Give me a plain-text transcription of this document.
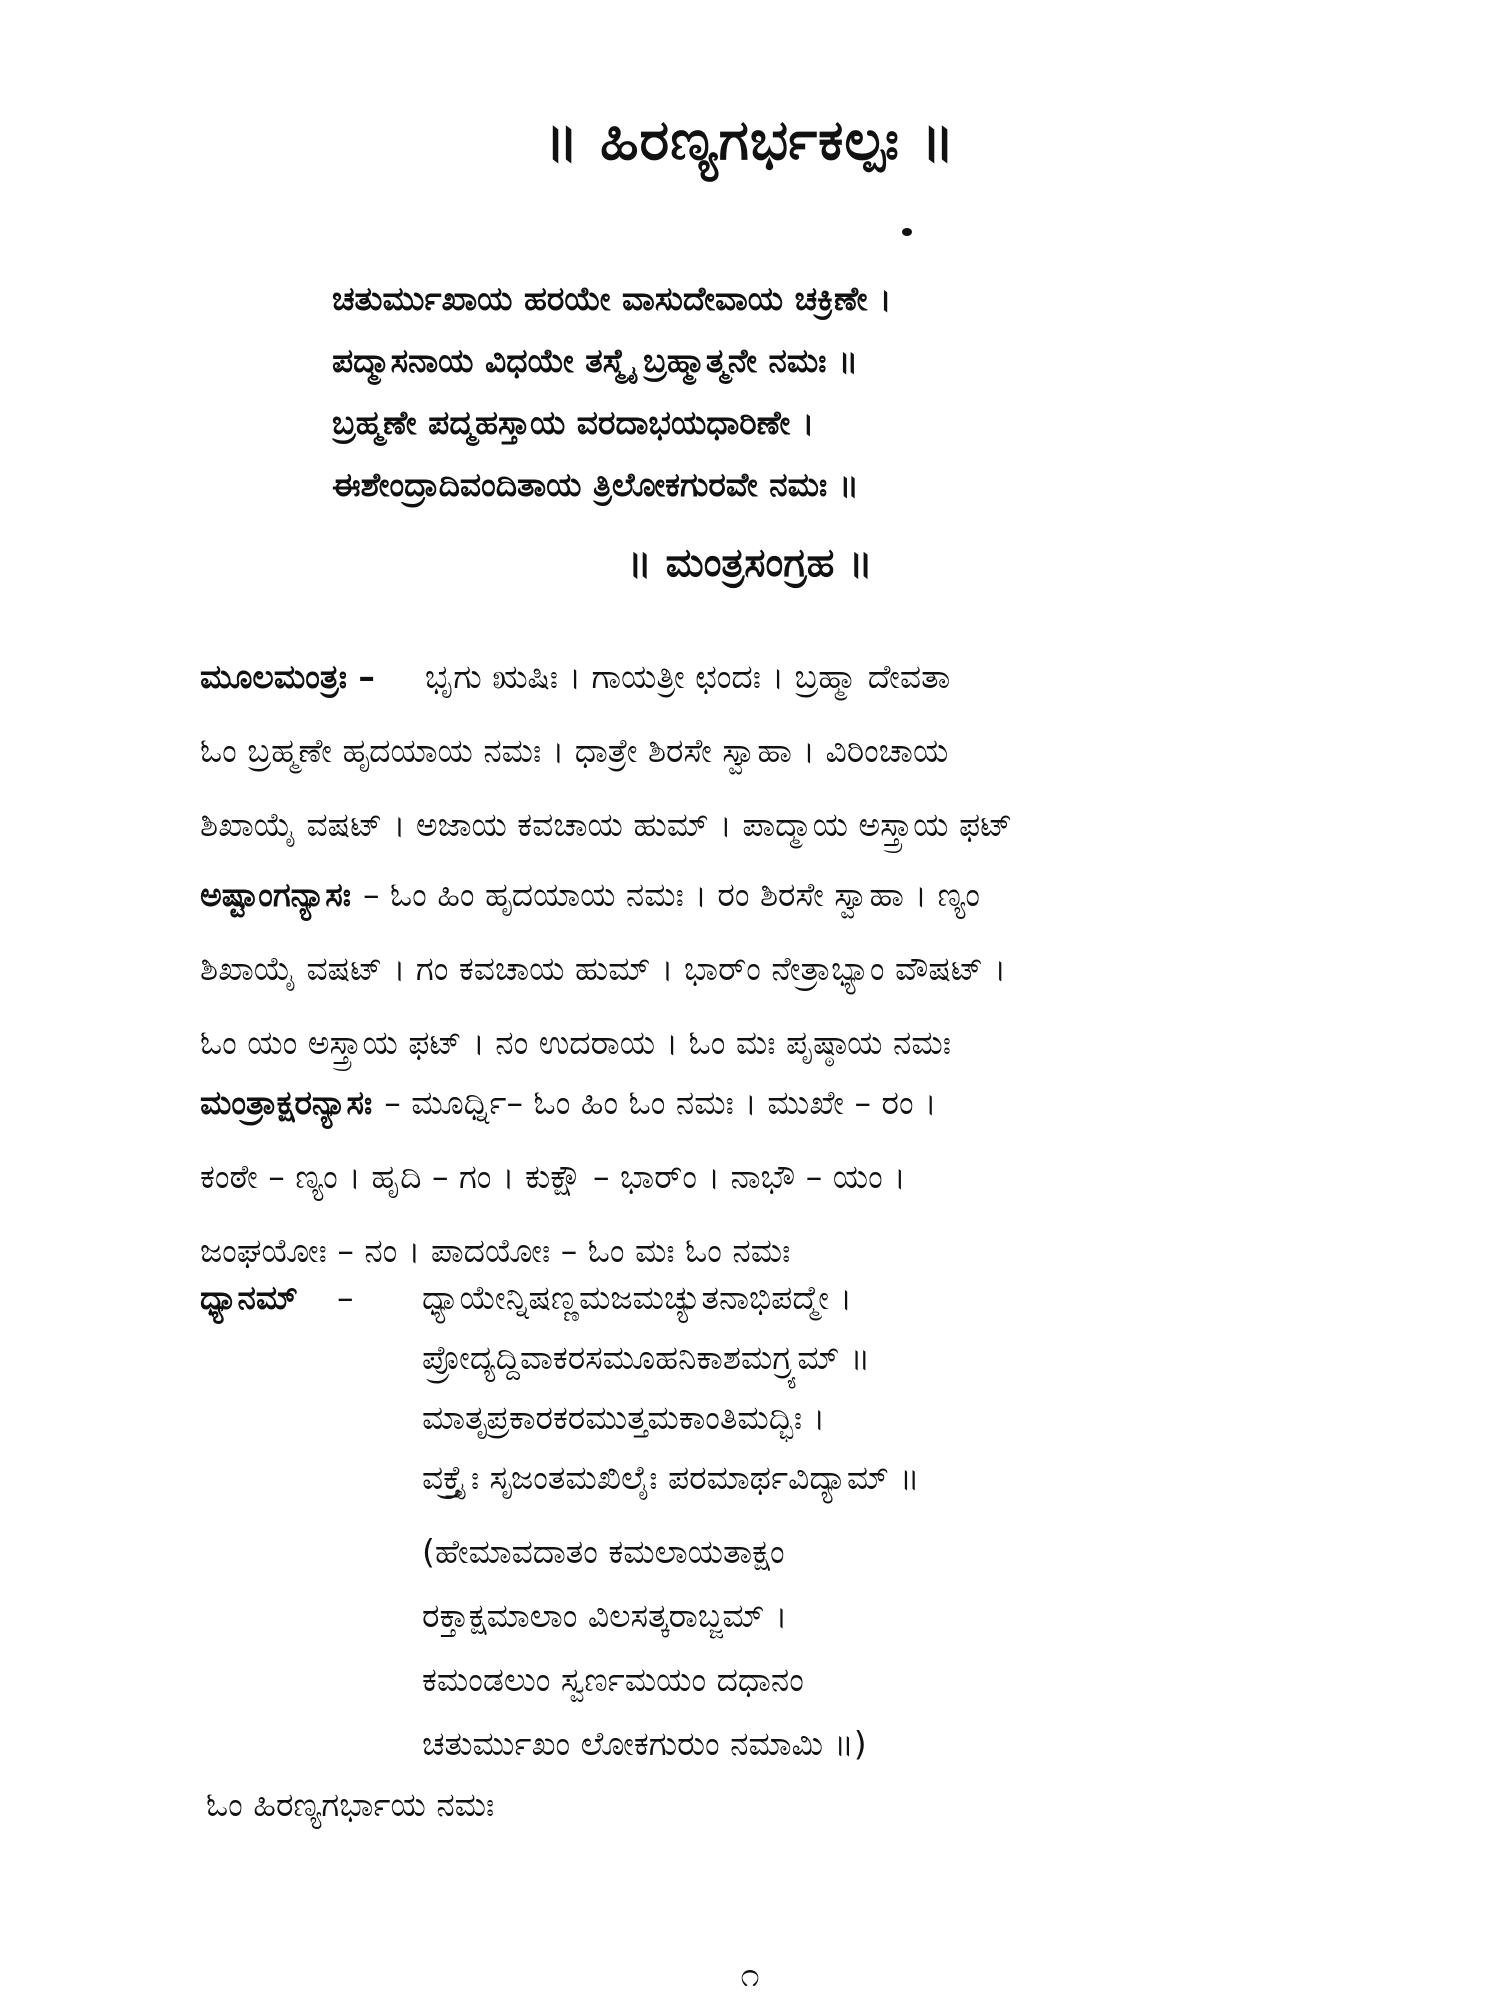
॥ ಹಿರಣ್ಯಗರ್ಭಕಲ್ಪಃ ॥
ಚತುರ್ಮುಖಾಯ ಹರಯೇ ವಾಸುದೇವಾಯ ಚಕ್ರಿಣೇ ।
ಪದ್ಮಾಸನಾಯ ವಿಧಯೇ ತಸ್ಮೈ ಬ್ರಹ್ಮಾತ್ಮನೇ ನಮಃ ॥
ಬ್ರಹ್ಮಣೇ ಪದ್ಮಹಸ್ತಾಯ ವರದಾಭಯಧಾರಿಣೇ ।
ಈಶೇಂದ್ರಾದಿವಂದಿತಾಯ ತ್ರಿಲೋಕಗುರವೇ ನಮಃ ॥
॥ ಮಂತ್ರಸಂಗ್ರಹ ॥
ಮೂಲಮಂತ್ರಃ – ಭೃಗು ಋಷಿಃ । ಗಾಯತ್ರೀ ಛಂದಃ । ಬ್ರಹ್ಮಾ ದೇವತಾ
ಓಂ ಬ್ರಹ್ಮಣೇ ಹೃದಯಾಯ ನಮಃ । ಧಾತ್ರೇ ಶಿರಸೇ ಸ್ವಾಹಾ । ವಿರಿಂಚಾಯ
ಶಿಖಾಯೈ ವಷಟ್ । ಅಜಾಯ ಕವಚಾಯ ಹುಮ್ । ಪಾದ್ಮಾಯ ಅಸ್ತ್ರಾಯ ಫಟ್
ಅಷ್ಟಾಂಗನ್ಯಾಸಃ – ಓಂ ಹಿಂ ಹೃದಯಾಯ ನಮಃ । ರಂ ಶಿರಸೇ ಸ್ವಾಹಾ । ಣ್ಯಂ
ಶಿಖಾಯೈ ವಷಟ್ । ಗಂ ಕವಚಾಯ ಹುಮ್ । ಭಾರ್ಂ ನೇತ್ರಾಭ್ಯಾಂ ವೌಷಟ್ ।
ಓಂ ಯಂ ಅಸ್ತ್ರಾಯ ಫಟ್ । ನಂ ಉದರಾಯ । ಓಂ ಮಃ ಪೃಷ್ಠಾಯ ನಮಃ
ಮಂತ್ರಾಕ್ಷರನ್ಯಾಸಃ – ಮೂರ್ಧ್ನಿ– ಓಂ ಹಿಂ ಓಂ ನಮಃ । ಮುಖೇ – ರಂ ।
ಕಂಠೇ – ಣ್ಯಂ । ಹೃದಿ – ಗಂ । ಕುಕ್ಷೌ – ಭಾರ್ಂ । ನಾಭೌ – ಯಂ ।
ಜಂಘಯೋಃ – ನಂ । ಪಾದಯೋಃ – ಓಂ ಮಃ ಓಂ ನಮಃ
ಧ್ಯಾನಮ್ – ಧ್ಯಾಯೇನ್ನಿಷಣ್ಣಮಜಮಚ್ಯುತನಾಭಿಪದ್ಮೇ ।
ಪ್ರೋದ್ಯದ್ದಿವಾಕರಸಮೂಹನಿಕಾಶಮಗ್ರ್ಯಮ್ ॥
ಮಾತೃಪ್ರಕಾರಕರಮುತ್ತಮಕಾಂತಿಮದ್ಭಿಃ ।
ವಕ್ತ್ರೈಃ ಸೃಜಂತಮಖಿಲೈಃ ಪರಮಾರ್ಥವಿದ್ಯಾಮ್ ॥
(ಹೇಮಾವದಾತಂ ಕಮಲಾಯತಾಕ್ಷಂ
ರಕ್ತಾಕ್ಷಮಾಲಾಂ ವಿಲಸತ್ಕರಾಬ್ಜಮ್ ।
ಕಮಂಡಲುಂ ಸ್ವರ್ಣಮಯಂ ದಧಾನಂ
ಚತುರ್ಮುಖಂ ಲೋಕಗುರುಂ ನಮಾಮಿ ॥)
ಓಂ ಹಿರಣ್ಯಗರ್ಭಾಯ ನಮಃ
೧
